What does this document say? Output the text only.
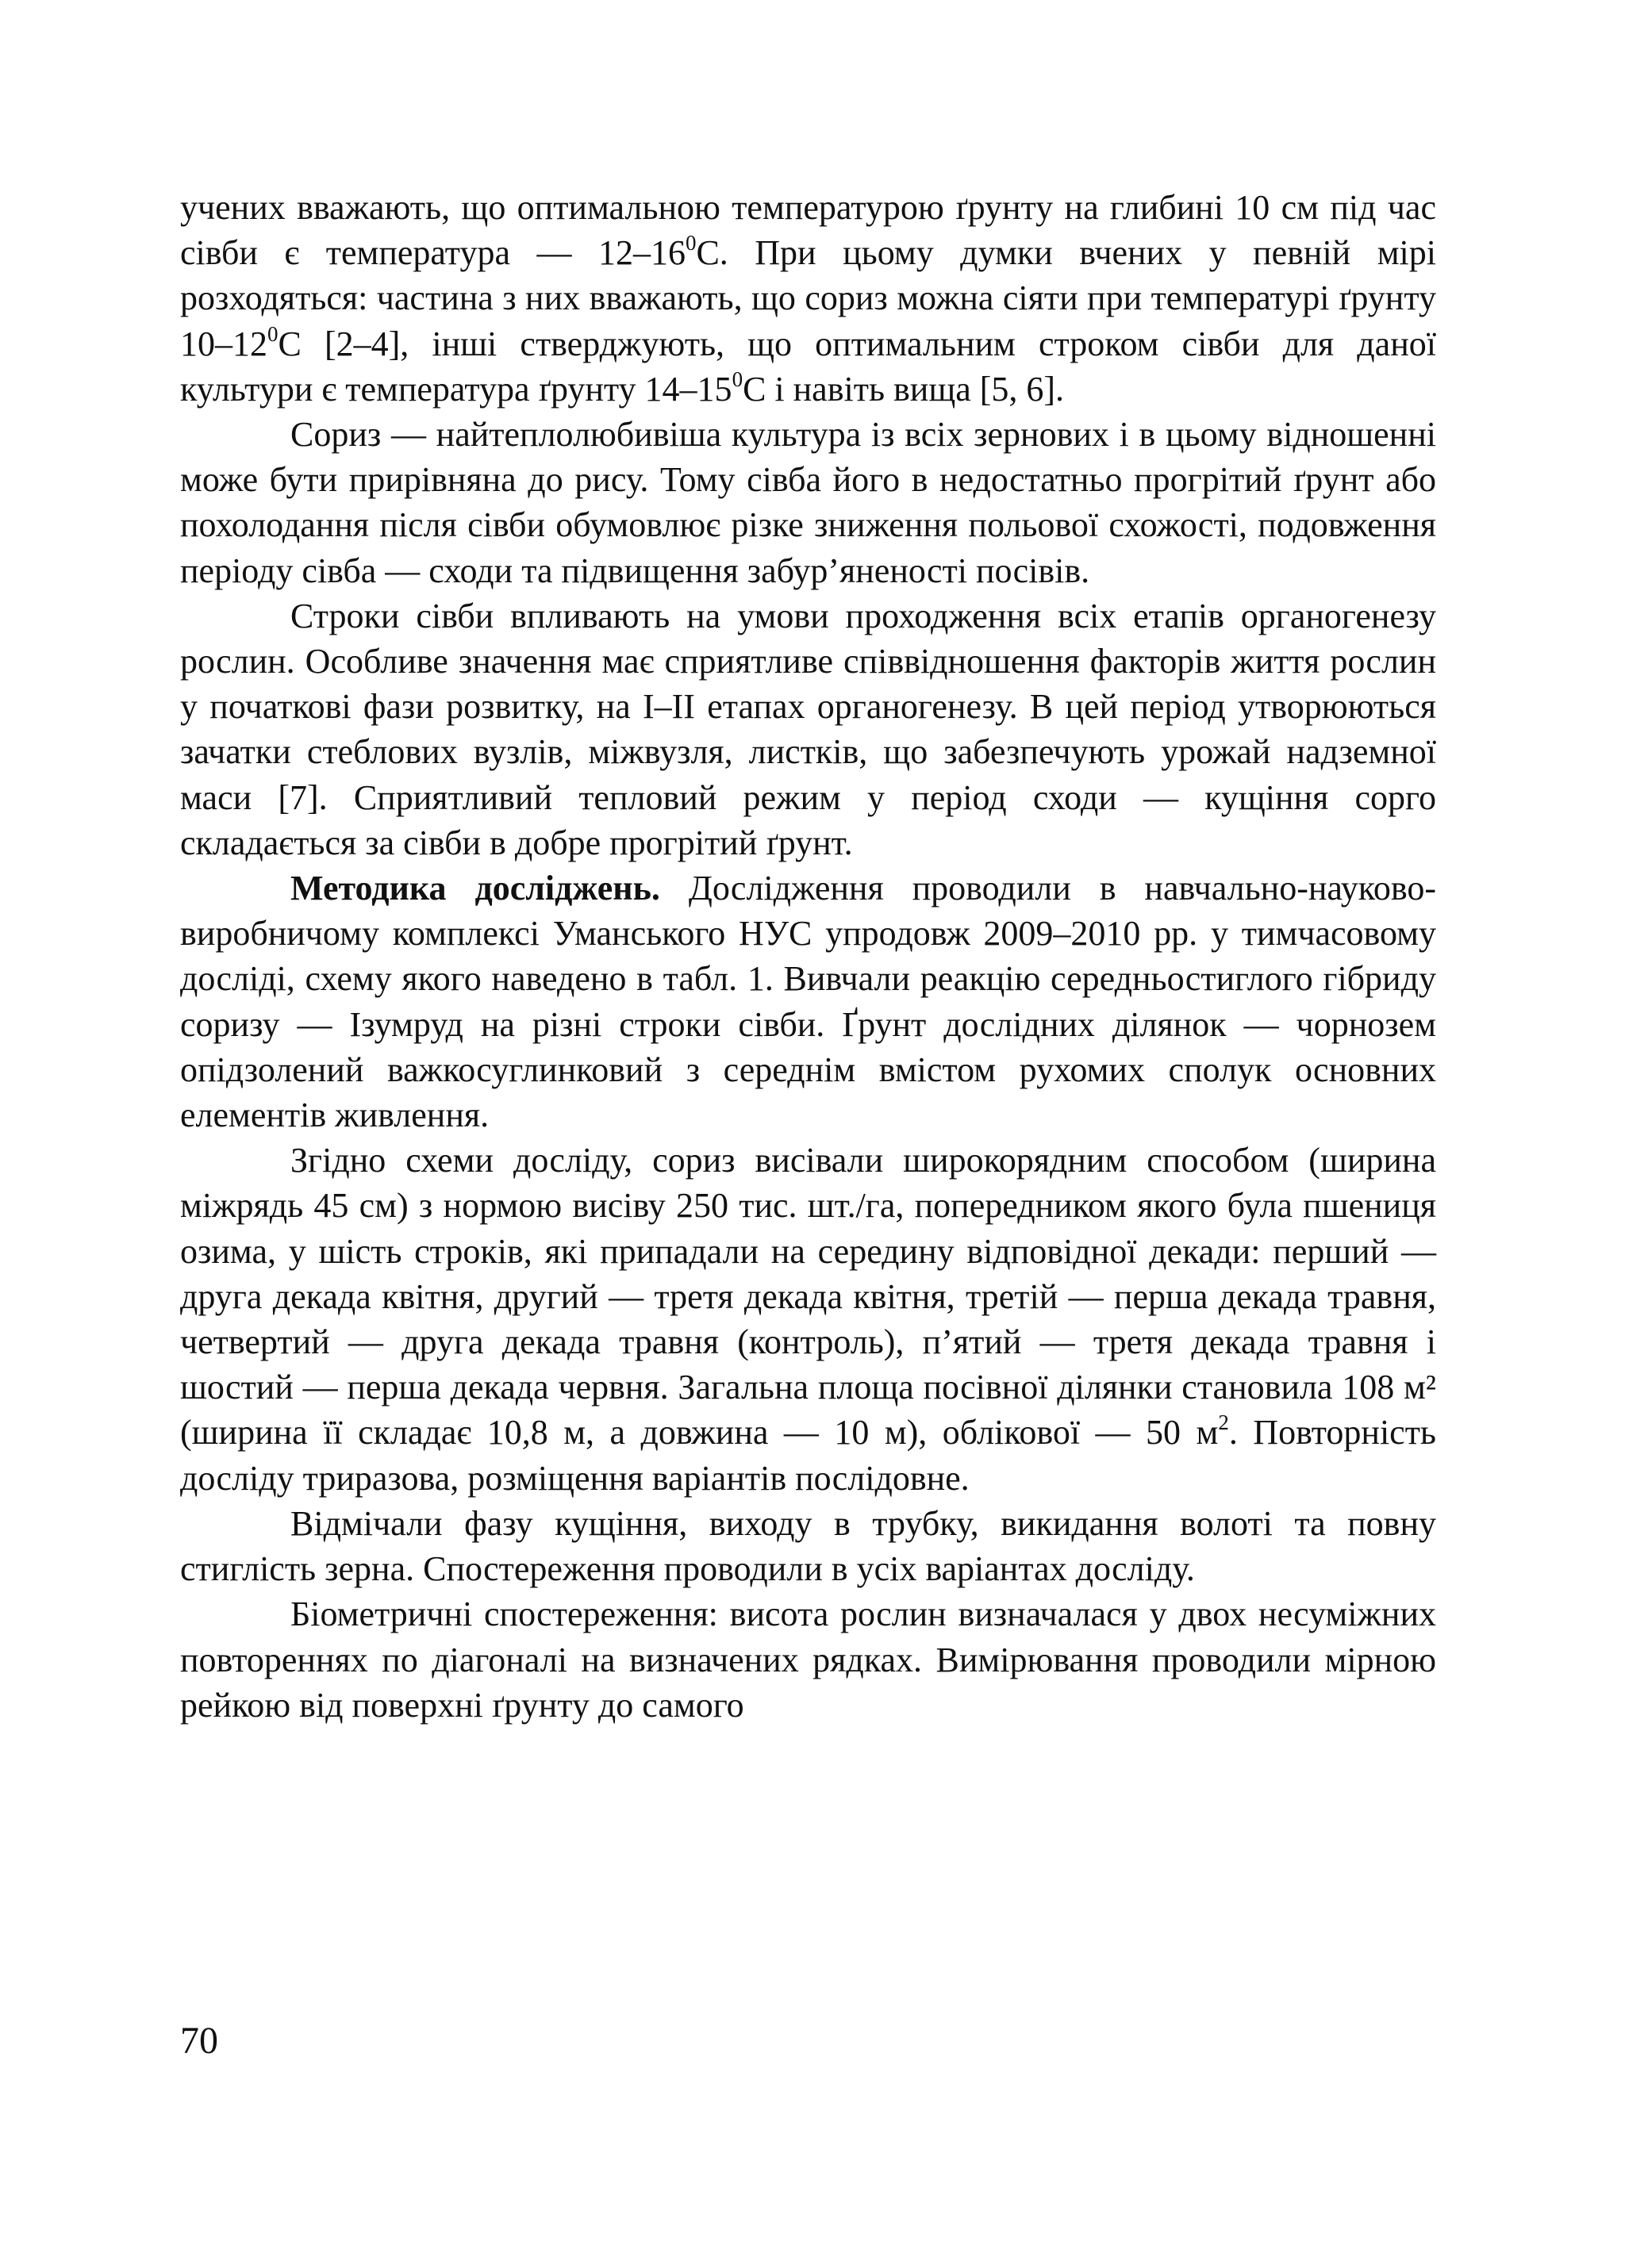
учених вважають, що оптимальною температурою ґрунту на глибині 10 см під час сівби є температура — $12-16^0С$. При цьому думки вчених у певній мірі розходяться: частина з них вважають, що сориз можна сіяти при температурі ґрунту $10-12^0С$ [2–4], інші стверджують, що оптимальним строком сівби для даної культури є температура ґрунту $14-15^0С$ і навіть вища [5, 6].

Сориз — найтеплолюбивіша культура із всіх зернових і в цьому відношенні може бути прирівняна до рису. Тому сівба його в недостатньо прогрітий ґрунт або похолодання після сівби обумовлює різке зниження польової схожості, подовження періоду сівба — сходи та підвищення забур’яненості посівів.

Строки сівби впливають на умови проходження всіх етапів органогенезу рослин. Особливе значення має сприятливе співвідношення факторів життя рослин у початкові фази розвитку, на I–II етапах органогенезу. В цей період утворюються зачатки стеблових вузлів, міжвузля, листків, що забезпечують урожай надземної маси [7]. Сприятливий тепловий режим у період сходи — кущіння сорго складається за сівби в добре прогрітий ґрунт.

Методика досліджень. Дослідження проводили в навчально-науково-виробничому комплексі Уманського НУС упродовж 2009–2010 рр. у тимчасовому досліді, схему якого наведено в табл. 1. Вивчали реакцію середньостиглого гібриду соризу — Ізумруд на різні строки сівби. Ґрунт дослідних ділянок — чорнозем опідзолений важкосуглинковий з середнім вмістом рухомих сполук основних елементів живлення.

Згідно схеми досліду, сориз висівали широкорядним способом (ширина міжрядь 45 см) з нормою висіву 250 тис. шт./га, попередником якого була пшениця озима, у шість строків, які припадали на середину відповідної декади: перший — друга декада квітня, другий — третя декада квітня, третій — перша декада травня, четвертий — друга декада травня (контроль), п’ятий — третя декада травня і шостий — перша декада червня. Загальна площа посівної ділянки становила 108 м² (ширина її складає 10,8 м, а довжина — 10 м), облікової — 50 $м^2$. Повторність досліду триразова, розміщення варіантів послідовне.

Відмічали фазу кущіння, виходу в трубку, викидання волоті та повну стиглість зерна. Спостереження проводили в усіх варіантах досліду.

Біометричні спостереження: висота рослин визначалася у двох несуміжних повтореннях по діагоналі на визначених рядках. Вимірювання проводили мірною рейкою від поверхні ґрунту до самого

70
